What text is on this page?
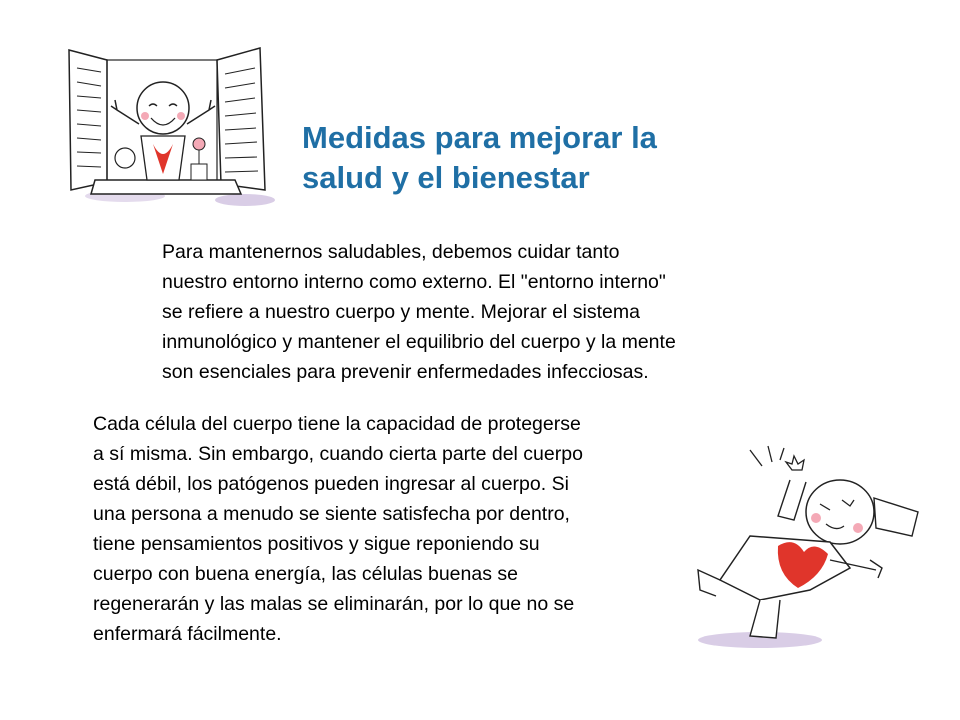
Medidas para mejorar la
salud y el bienestar
Para mantenernos saludables, debemos cuidar tanto
nuestro entorno interno como externo. El "entorno interno"
se refiere a nuestro cuerpo y mente. Mejorar el sistema
inmunológico y mantener el equilibrio del cuerpo y la mente
son esenciales para prevenir enfermedades infecciosas.
Cada célula del cuerpo tiene la capacidad de protegerse
a sí misma. Sin embargo, cuando cierta parte del cuerpo
está débil, los patógenos pueden ingresar al cuerpo. Si
una persona a menudo se siente satisfecha por dentro,
tiene pensamientos positivos y sigue reponiendo su
cuerpo con buena energía, las células buenas se
regenerarán y las malas se eliminarán, por lo que no se
enfermará fácilmente.
